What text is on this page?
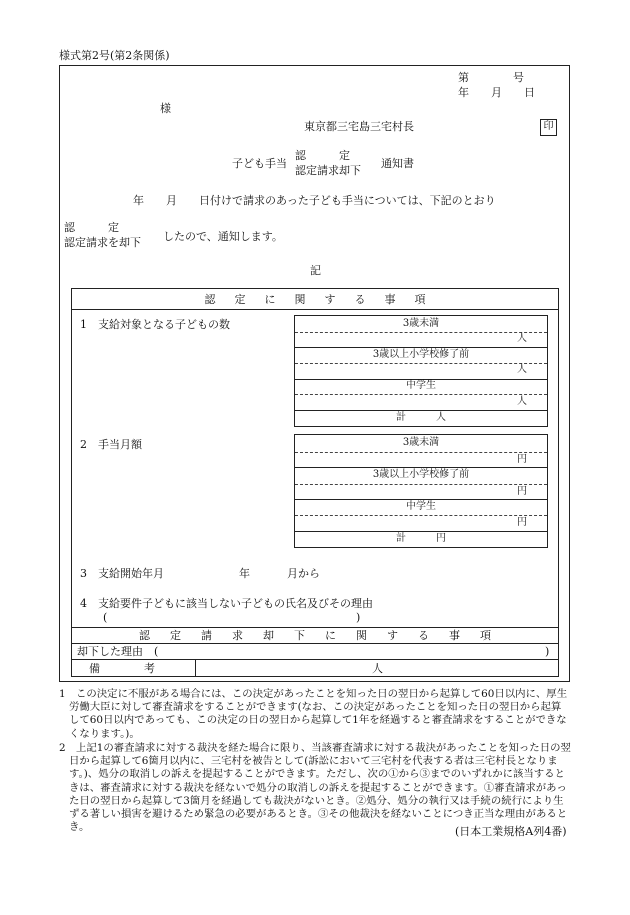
様式第2号(第2条関係)
第　　　　号
年　　月　　日
様
東京都三宅島三宅村長	印
子ども手当
認　　　定
認定請求却下
通知書
年　　月　　日付けで請求のあった子ども手当については、下記のとおり
認　　　定
認定請求を却下 したので、通知します。
記
認定に関する事項
1　支給対象となる子どもの数	3歳未満
人
3歳以上小学校修了前
人
中学生
人
計　　　人
2　手当月額	3歳未満
円
3歳以上小学校修了前
円
中学生
円
計　　　円
3　支給開始年月	年	月から
4　支給要件子どもに該当しない子どもの氏名及びその理由
(	)
認定請求却下に関する事項
却下した理由　(	)
備　　　　考	人
1　この決定に不服がある場合には、この決定があったことを知った日の翌日から起算して60日以内に、厚生労働大臣に対して審査請求をすることができます(なお、この決定があったことを知った日の翌日から起算して60日以内であっても、この決定の日の翌日から起算して1年を経過すると審査請求をすることができなくなります。)。
2　上記1の審査請求に対する裁決を経た場合に限り、当該審査請求に対する裁決があったことを知った日の翌日から起算して6箇月以内に、三宅村を被告として(訴訟において三宅村を代表する者は三宅村長となります。)、処分の取消しの訴えを提起することができます。ただし、次の①から③までのいずれかに該当するときは、審査請求に対する裁決を経ないで処分の取消しの訴えを提起することができます。①審査請求があった日の翌日から起算して3箇月を経過しても裁決がないとき。②処分、処分の執行又は手続の続行により生ずる著しい損害を避けるため緊急の必要があるとき。③その他裁決を経ないことにつき正当な理由があるとき。	(日本工業規格A列4番)
